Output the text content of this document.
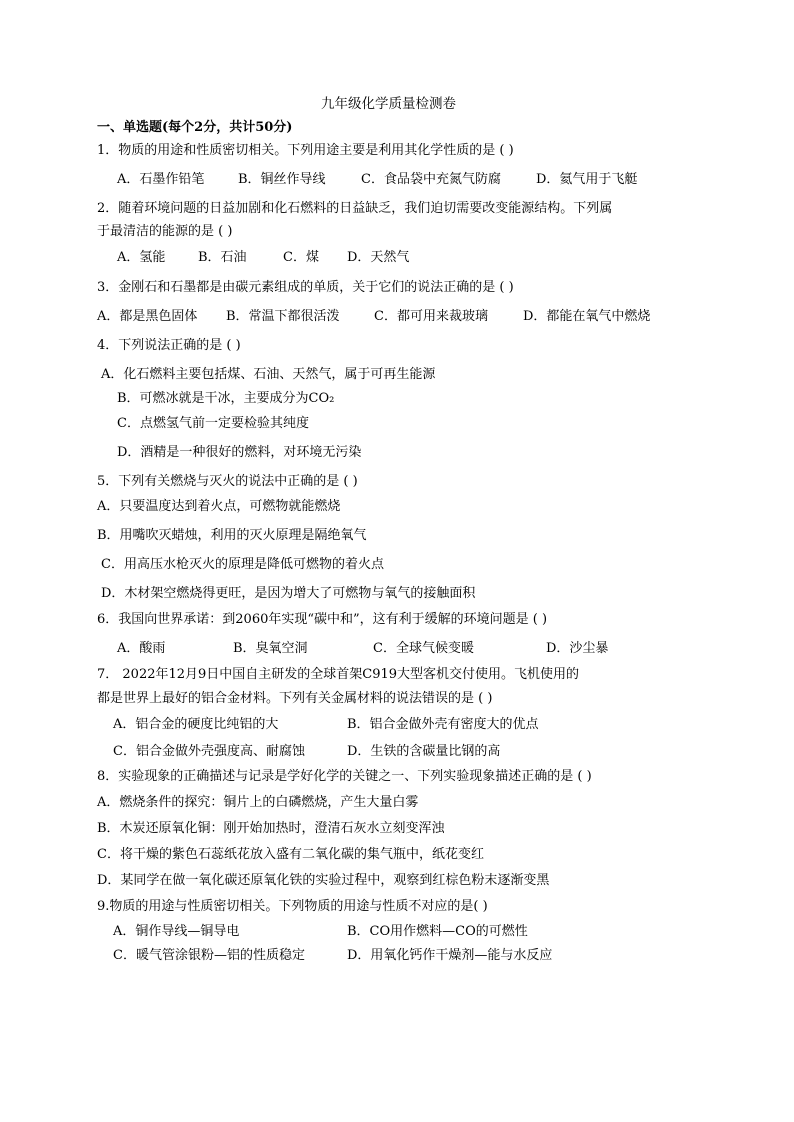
九年级化学质量检测卷
一、单选题(每个2分，共计50分)
1．物质的用途和性质密切相关。下列用途主要是利用其化学性质的是 ( )
A．石墨作铅笔	B．铜丝作导线	C．食品袋中充氮气防腐	D．氦气用于飞艇
2．随着环境问题的日益加剧和化石燃料的日益缺乏，我们迫切需要改变能源结构。下列属
于最清洁的能源的是 ( )
A．氢能	B．石油	C．煤 D．天然气
3．金刚石和石墨都是由碳元素组成的单质，关于它们的说法正确的是 ( )
A．都是黑色固体 B．常温下都很活泼	C．都可用来裁玻璃	D．都能在氧气中燃烧
4．下列说法正确的是 ( )
A．化石燃料主要包括煤、石油、天然气，属于可再生能源
B．可燃冰就是干冰，主要成分为CO₂
C．点燃氢气前一定要检验其纯度
D．酒精是一种很好的燃料，对环境无污染
5．下列有关燃烧与灭火的说法中正确的是 ( )
A．只要温度达到着火点，可燃物就能燃烧
B．用嘴吹灭蜡烛，利用的灭火原理是隔绝氧气
C．用高压水枪灭火的原理是降低可燃物的着火点
D．木材架空燃烧得更旺，是因为增大了可燃物与氧气的接触面积
6．我国向世界承诺：到2060年实现“碳中和”，这有利于缓解的环境问题是 ( )
A．酸雨	B．臭氧空洞	C．全球气候变暖	D．沙尘暴
7． 2022年12月9日中国自主研发的全球首架C919大型客机交付使用。飞机使用的
都是世界上最好的铝合金材料。下列有关金属材料的说法错误的是 ( )
A．铝合金的硬度比纯铝的大	B．铝合金做外壳有密度大的优点
C．铝合金做外壳强度高、耐腐蚀	D．生铁的含碳量比钢的高
8．实验现象的正确描述与记录是学好化学的关键之一、下列实验现象描述正确的是 ( )
A．燃烧条件的探究：铜片上的白磷燃烧，产生大量白雾
B．木炭还原氧化铜：刚开始加热时，澄清石灰水立刻变浑浊
C．将干燥的紫色石蕊纸花放入盛有二氧化碳的集气瓶中，纸花变红
D．某同学在做一氧化碳还原氧化铁的实验过程中，观察到红棕色粉末逐渐变黑
9.物质的用途与性质密切相关。下列物质的用途与性质不对应的是( )
A．铜作导线—铜导电	B．CO用作燃料—CO的可燃性
C．暖气管涂银粉—铝的性质稳定	D．用氧化钙作干燥剂—能与水反应
